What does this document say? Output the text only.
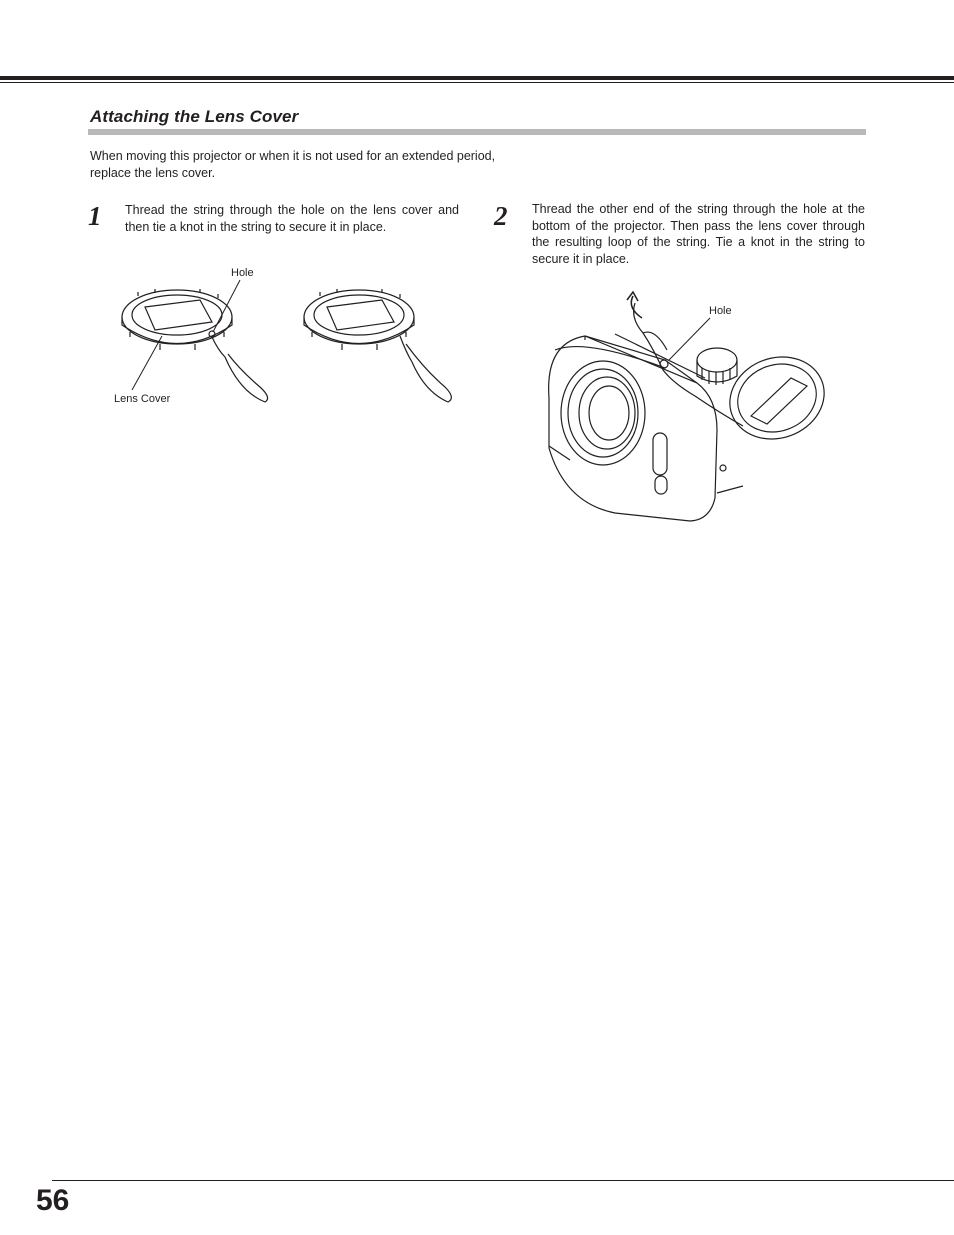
Attaching the Lens Cover
When moving this projector or when it is not used for an extended period, replace the lens cover.
1 Thread the string through the hole on the lens cover and then tie a knot in the string to secure it in place.	2 Thread the other end of the string through the hole at the bottom of the projector. Then pass the lens cover through the resulting loop of the string. Tie a knot in the string to secure it in place.
Hole
Lens Cover
Hole
56
